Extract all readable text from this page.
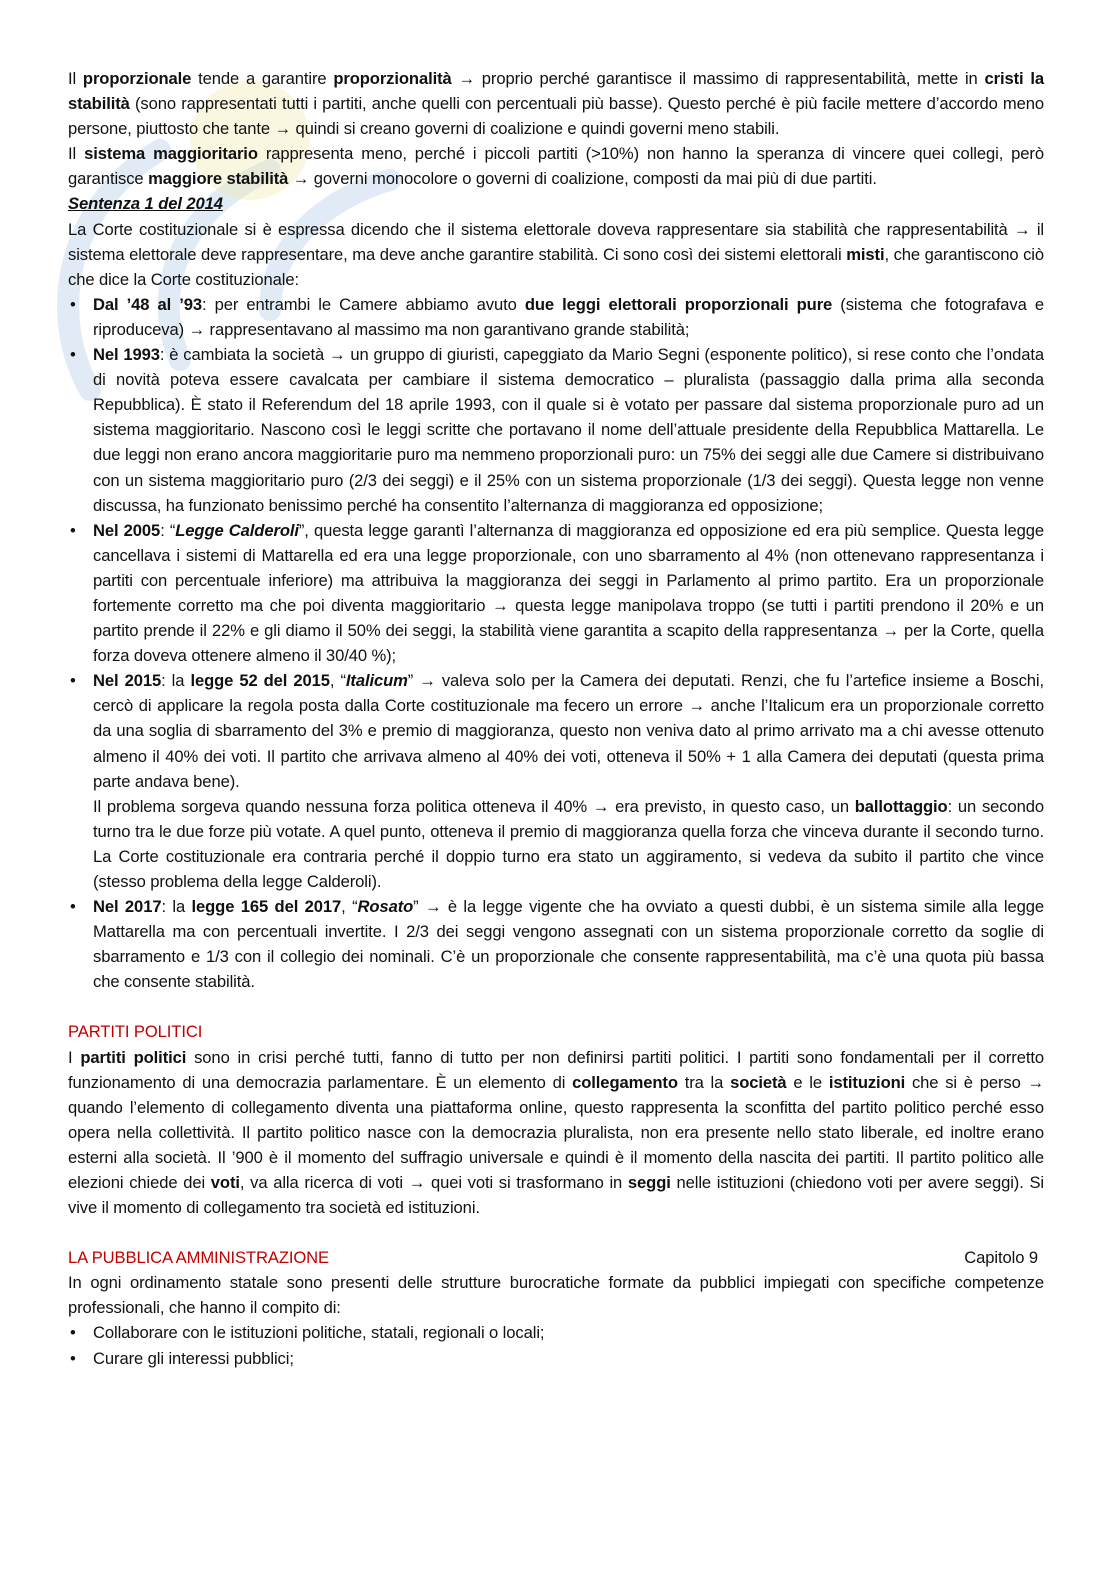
Il proporzionale tende a garantire proporzionalità → proprio perché garantisce il massimo di rappresentabilità, mette in cristi la stabilità (sono rappresentati tutti i partiti, anche quelli con percentuali più basse). Questo perché è più facile mettere d’accordo meno persone, piuttosto che tante → quindi si creano governi di coalizione e quindi governi meno stabili.

Il sistema maggioritario rappresenta meno, perché i piccoli partiti (>10%) non hanno la speranza di vincere quei collegi, però garantisce maggiore stabilità → governi monocolore o governi di coalizione, composti da mai più di due partiti.

Sentenza 1 del 2014

La Corte costituzionale si è espressa dicendo che il sistema elettorale doveva rappresentare sia stabilità che rappresentabilità → il sistema elettorale deve rappresentare, ma deve anche garantire stabilità. Ci sono così dei sistemi elettorali misti, che garantiscono ciò che dice la Corte costituzionale:

• Dal ’48 al ’93: per entrambi le Camere abbiamo avuto due leggi elettorali proporzionali pure (sistema che fotografava e riproduceva) → rappresentavano al massimo ma non garantivano grande stabilità;

• Nel 1993: è cambiata la società → un gruppo di giuristi, capeggiato da Mario Segni (esponente politico), si rese conto che l’ondata di novità poteva essere cavalcata per cambiare il sistema democratico – pluralista (passaggio dalla prima alla seconda Repubblica). È stato il Referendum del 18 aprile 1993, con il quale si è votato per passare dal sistema proporzionale puro ad un sistema maggioritario. Nascono così le leggi scritte che portavano il nome dell’attuale presidente della Repubblica Mattarella. Le due leggi non erano ancora maggioritarie puro ma nemmeno proporzionali puro: un 75% dei seggi alle due Camere si distribuivano con un sistema maggioritario puro (2/3 dei seggi) e il 25% con un sistema proporzionale (1/3 dei seggi). Questa legge non venne discussa, ha funzionato benissimo perché ha consentito l’alternanza di maggioranza ed opposizione;

• Nel 2005: “Legge Calderoli”, questa legge garantì l’alternanza di maggioranza ed opposizione ed era più semplice. Questa legge cancellava i sistemi di Mattarella ed era una legge proporzionale, con uno sbarramento al 4% (non ottenevano rappresentanza i partiti con percentuale inferiore) ma attribuiva la maggioranza dei seggi in Parlamento al primo partito. Era un proporzionale fortemente corretto ma che poi diventa maggioritario → questa legge manipolava troppo (se tutti i partiti prendono il 20% e un partito prende il 22% e gli diamo il 50% dei seggi, la stabilità viene garantita a scapito della rappresentanza → per la Corte, quella forza doveva ottenere almeno il 30/40 %);

• Nel 2015: la legge 52 del 2015, “Italicum” → valeva solo per la Camera dei deputati. Renzi, che fu l’artefice insieme a Boschi, cercò di applicare la regola posta dalla Corte costituzionale ma fecero un errore → anche l’Italicum era un proporzionale corretto da una soglia di sbarramento del 3% e premio di maggioranza, questo non veniva dato al primo arrivato ma a chi avesse ottenuto almeno il 40% dei voti. Il partito che arrivava almeno al 40% dei voti, otteneva il 50% + 1 alla Camera dei deputati (questa prima parte andava bene).

Il problema sorgeva quando nessuna forza politica otteneva il 40% → era previsto, in questo caso, un ballottaggio: un secondo turno tra le due forze più votate. A quel punto, otteneva il premio di maggioranza quella forza che vinceva durante il secondo turno. La Corte costituzionale era contraria perché il doppio turno era stato un aggiramento, si vedeva da subito il partito che vince (stesso problema della legge Calderoli).

• Nel 2017: la legge 165 del 2017, “Rosato” → è la legge vigente che ha ovviato a questi dubbi, è un sistema simile alla legge Mattarella ma con percentuali invertite. I 2/3 dei seggi vengono assegnati con un sistema proporzionale corretto da soglie di sbarramento e 1/3 con il collegio dei nominali. C’è un proporzionale che consente rappresentabilità, ma c’è una quota più bassa che consente stabilità.

PARTITI POLITICI

I partiti politici sono in crisi perché tutti, fanno di tutto per non definirsi partiti politici. I partiti sono fondamentali per il corretto funzionamento di una democrazia parlamentare. È un elemento di collegamento tra la società e le istituzioni che si è perso → quando l’elemento di collegamento diventa una piattaforma online, questo rappresenta la sconfitta del partito politico perché esso opera nella collettività. Il partito politico nasce con la democrazia pluralista, non era presente nello stato liberale, ed inoltre erano esterni alla società. Il ’900 è il momento del suffragio universale e quindi è il momento della nascita dei partiti. Il partito politico alle elezioni chiede dei voti, va alla ricerca di voti → quei voti si trasformano in seggi nelle istituzioni (chiedono voti per avere seggi). Si vive il momento di collegamento tra società ed istituzioni.

LA PUBBLICA AMMINISTRAZIONE	Capitolo 9

In ogni ordinamento statale sono presenti delle strutture burocratiche formate da pubblici impiegati con specifiche competenze professionali, che hanno il compito di:

• Collaborare con le istituzioni politiche, statali, regionali o locali;

• Curare gli interessi pubblici;
